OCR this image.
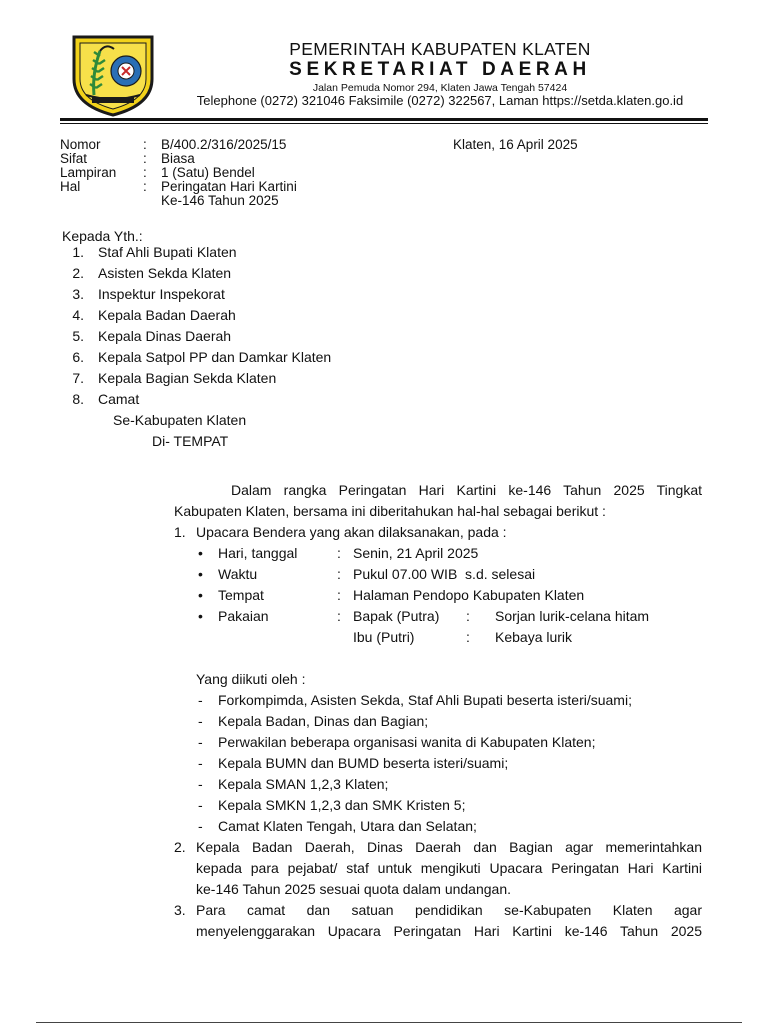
PEMERINTAH KABUPATEN KLATEN
SEKRETARIAT DAERAH
Jalan Pemuda Nomor 294, Klaten Jawa Tengah 57424
Telephone (0272) 321046 Faksimile (0272) 322567, Laman https://setda.klaten.go.id
Nomor	: B/400.2/316/2025/15
Sifat	: Biasa
Lampiran : 1 (Satu) Bendel
Hal	: Peringatan Hari Kartini
Ke-146 Tahun 2025
Klaten, 16 April 2025
Kepada Yth.:
1. Staf Ahli Bupati Klaten
2. Asisten Sekda Klaten
3. Inspektur Inspekorat
4. Kepala Badan Daerah
5. Kepala Dinas Daerah
6. Kepala Satpol PP dan Damkar Klaten
7. Kepala Bagian Sekda Klaten
8. Camat
Se-Kabupaten Klaten
Di- TEMPAT
Dalam rangka Peringatan Hari Kartini ke-146 Tahun 2025 Tingkat
Kabupaten Klaten, bersama ini diberitahukan hal-hal sebagai berikut :
1. Upacara Bendera yang akan dilaksanakan, pada :
• Hari, tanggal	: Senin, 21 April 2025
• Waktu	: Pukul 07.00 WIB  s.d. selesai
• Tempat	: Halaman Pendopo Kabupaten Klaten
• Pakaian	: Bapak (Putra) : Sorjan lurik-celana hitam
Ibu (Putri)	: Kebaya lurik
Yang diikuti oleh :
- Forkompimda, Asisten Sekda, Staf Ahli Bupati beserta isteri/suami;
- Kepala Badan, Dinas dan Bagian;
- Perwakilan beberapa organisasi wanita di Kabupaten Klaten;
- Kepala BUMN dan BUMD beserta isteri/suami;
- Kepala SMAN 1,2,3 Klaten;
- Kepala SMKN 1,2,3 dan SMK Kristen 5;
- Camat Klaten Tengah, Utara dan Selatan;
2. Kepala Badan Daerah, Dinas Daerah dan Bagian agar memerintahkan
kepada para pejabat/ staf untuk mengikuti Upacara Peringatan Hari Kartini
ke-146 Tahun 2025 sesuai quota dalam undangan.
3. Para camat dan satuan pendidikan se-Kabupaten Klaten agar
menyelenggarakan Upacara Peringatan Hari Kartini ke-146 Tahun 2025
